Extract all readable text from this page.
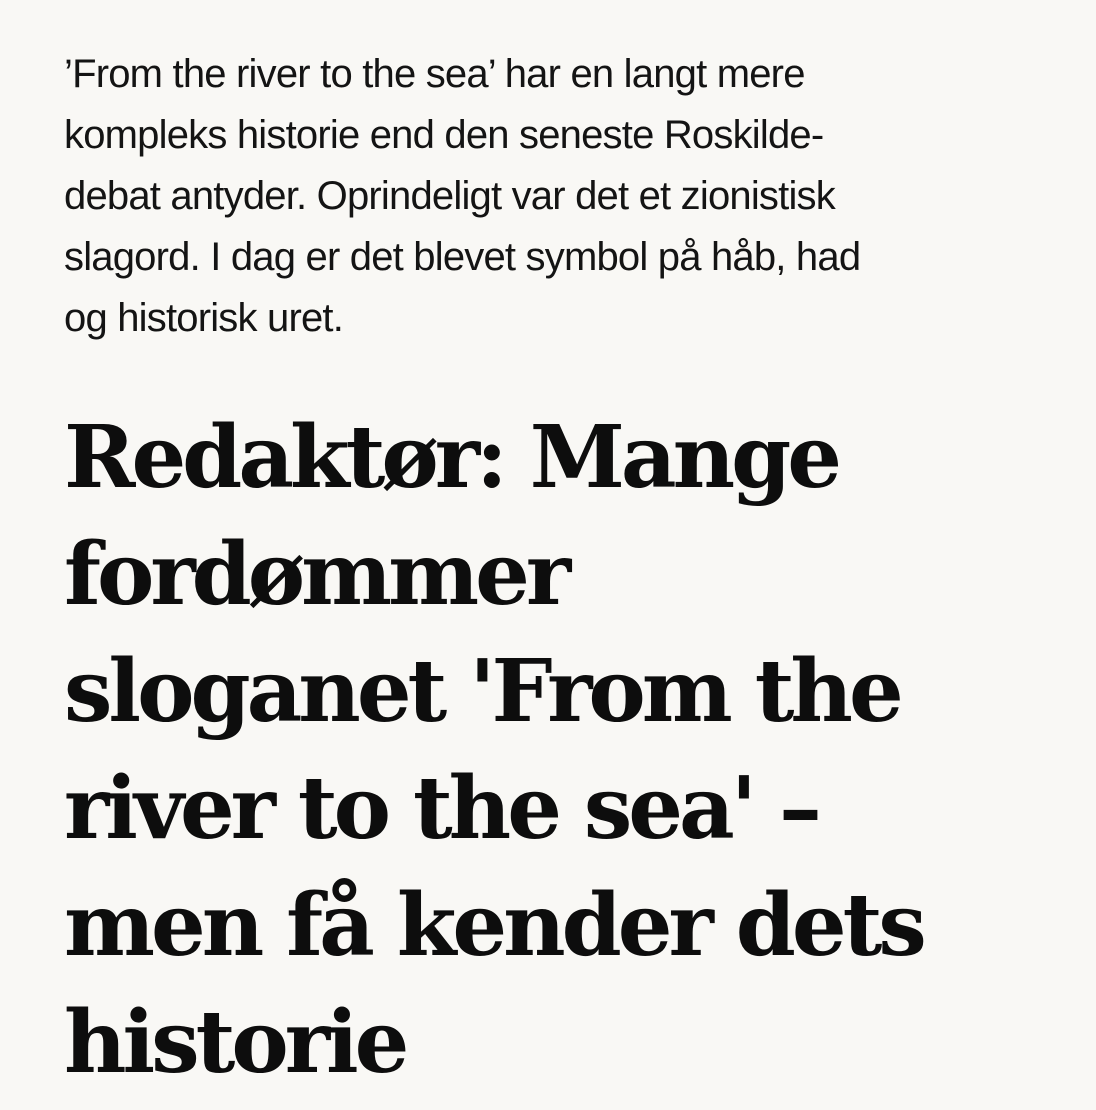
’From the river to the sea’ har en langt mere
kompleks historie end den seneste Roskilde-
debat antyder. Oprindeligt var det et zionistisk
slagord. I dag er det blevet symbol på håb, had
og historisk uret.

Redaktør: Mange
fordømmer
sloganet 'From the
river to the sea' –
men få kender dets
historie
